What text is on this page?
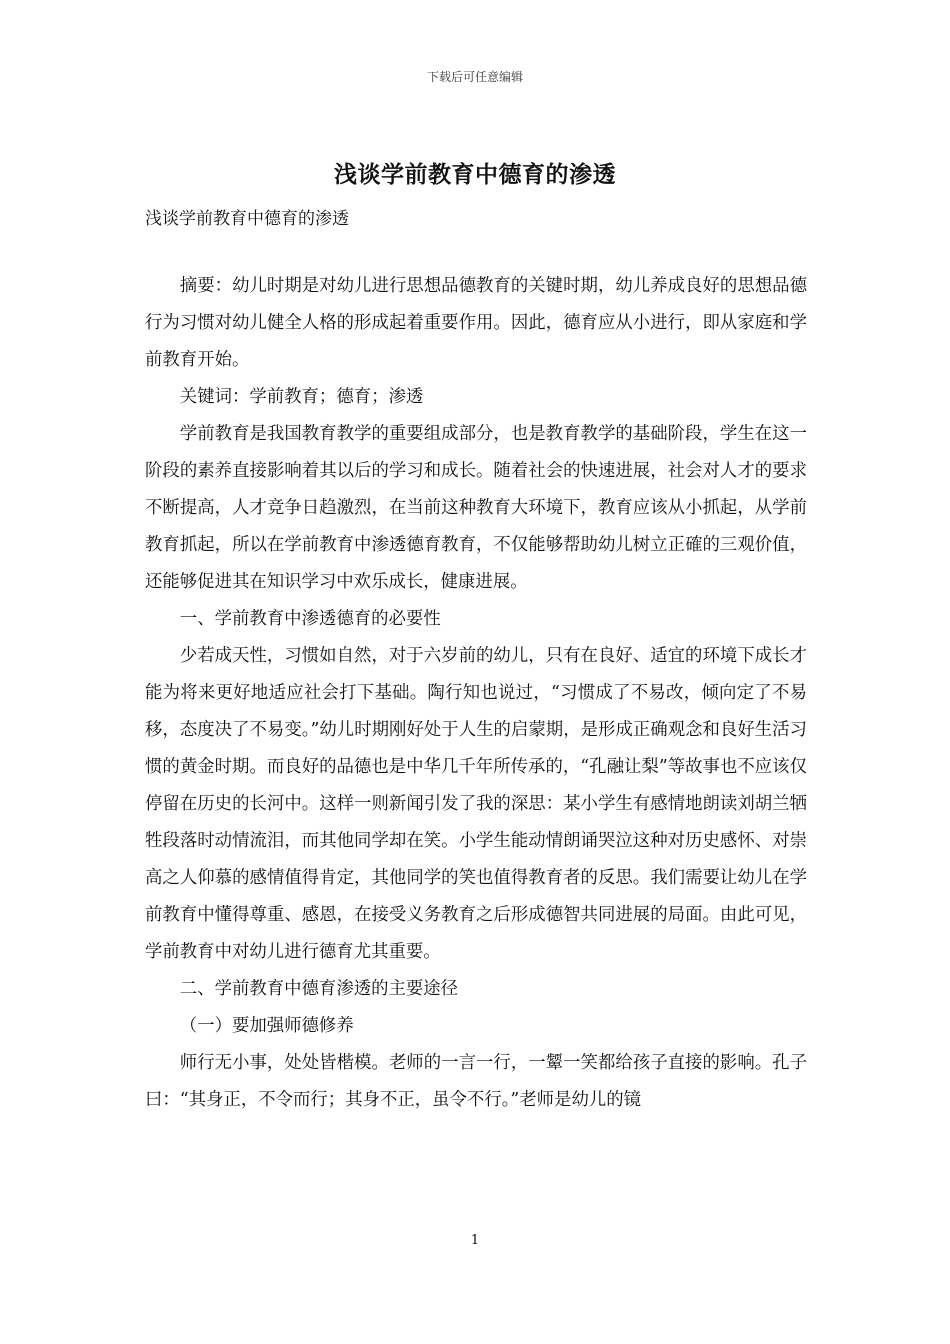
下载后可任意编辑
浅谈学前教育中德育的渗透
浅谈学前教育中德育的渗透

摘要：幼儿时期是对幼儿进行思想品德教育的关键时期，幼儿养成良好的思想品德行为习惯对幼儿健全人格的形成起着重要作用。因此，德育应从小进行，即从家庭和学前教育开始。

关键词：学前教育；德育；渗透

学前教育是我国教育教学的重要组成部分，也是教育教学的基础阶段，学生在这一阶段的素养直接影响着其以后的学习和成长。随着社会的快速进展，社会对人才的要求不断提高，人才竞争日趋激烈，在当前这种教育大环境下，教育应该从小抓起，从学前教育抓起，所以在学前教育中渗透德育教育，不仅能够帮助幼儿树立正確的三观价值，还能够促进其在知识学习中欢乐成长，健康进展。

一、学前教育中渗透德育的必要性

少若成天性，习惯如自然，对于六岁前的幼儿，只有在良好、适宜的环境下成长才能为将来更好地适应社会打下基础。陶行知也说过，“习惯成了不易改，倾向定了不易移，态度决了不易变。”幼儿时期刚好处于人生的启蒙期，是形成正确观念和良好生活习惯的黄金时期。而良好的品德也是中华几千年所传承的，“孔融让梨”等故事也不应该仅停留在历史的长河中。这样一则新闻引发了我的深思：某小学生有感情地朗读刘胡兰牺牲段落时动情流泪，而其他同学却在笑。小学生能动情朗诵哭泣这种对历史感怀、对崇高之人仰慕的感情值得肯定，其他同学的笑也值得教育者的反思。我们需要让幼儿在学前教育中懂得尊重、感恩，在接受义务教育之后形成德智共同进展的局面。由此可见，学前教育中对幼儿进行德育尤其重要。

二、学前教育中德育渗透的主要途径

（一）要加强师德修养

师行无小事，处处皆楷模。老师的一言一行，一颦一笑都给孩子直接的影响。孔子曰：“其身正，不令而行；其身不正，虽令不行。”老师是幼儿的镜

1
